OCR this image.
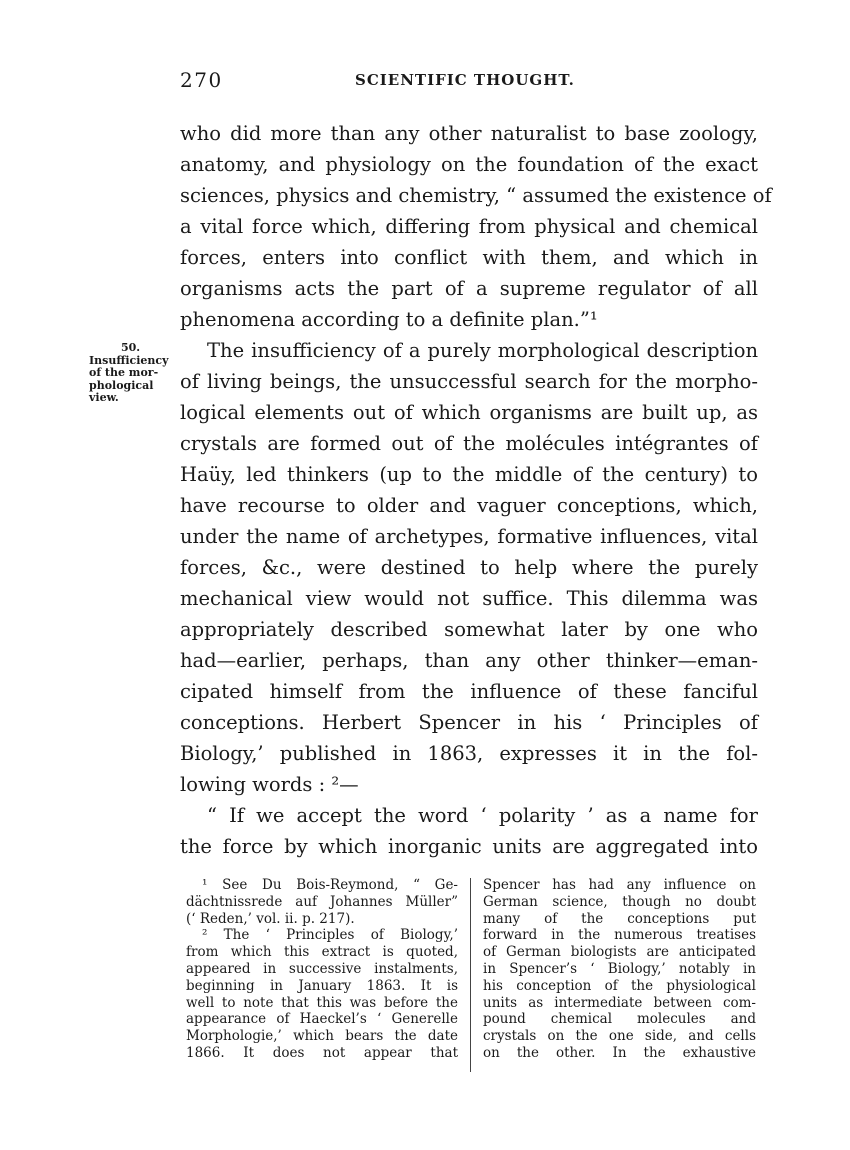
270	SCIENTIFIC THOUGHT.
50.
Insufficiency
of the mor-
phological
view.
who did more than any other naturalist to base zoology,
anatomy, and physiology on the foundation of the exact
sciences, physics and chemistry, “ assumed the existence of
a vital force which, differing from physical and chemical
forces, enters into conflict with them, and which in
organisms acts the part of a supreme regulator of all
phenomena according to a definite plan.”¹
The insufficiency of a purely morphological description
of living beings, the unsuccessful search for the morpho-
logical elements out of which organisms are built up, as
crystals are formed out of the molécules intégrantes of
Haüy, led thinkers (up to the middle of the century) to
have recourse to older and vaguer conceptions, which,
under the name of archetypes, formative influences, vital
forces, &c., were destined to help where the purely
mechanical view would not suffice. This dilemma was
appropriately described somewhat later by one who
had—earlier, perhaps, than any other thinker—eman-
cipated himself from the influence of these fanciful
conceptions. Herbert Spencer in his ‘ Principles of
Biology,’ published in 1863, expresses it in the fol-
lowing words : ²—
“ If we accept the word ‘ polarity ’ as a name for
the force by which inorganic units are aggregated into
¹ See Du Bois-Reymond, “ Ge-
dächtnissrede auf Johannes Müller”
(‘ Reden,’ vol. ii. p. 217).
² The ‘ Principles of Biology,’
from which this extract is quoted,
appeared in successive instalments,
beginning in January 1863. It is
well to note that this was before the
appearance of Haeckel’s ‘ Generelle
Morphologie,’ which bears the date
1866. It does not appear that
Spencer has had any influence on
German science, though no doubt
many of the conceptions put
forward in the numerous treatises
of German biologists are anticipated
in Spencer’s ‘ Biology,’ notably in
his conception of the physiological
units as intermediate between com-
pound chemical molecules and
crystals on the one side, and cells
on the other. In the exhaustive
